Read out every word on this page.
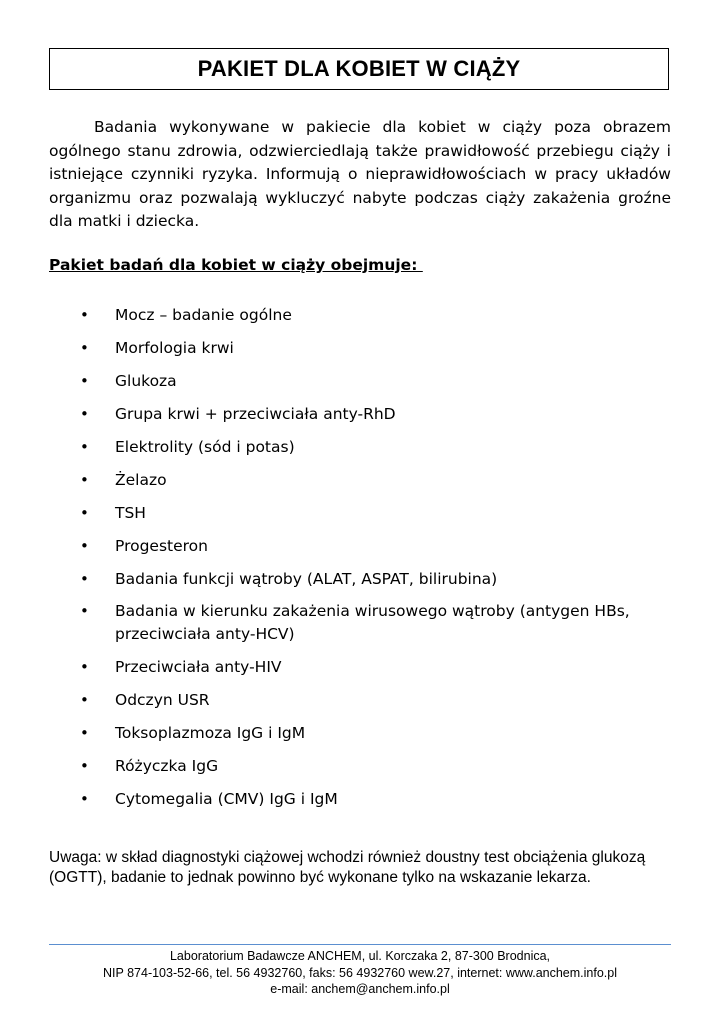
PAKIET DLA KOBIET W CIĄŻY

Badania wykonywane w pakiecie dla kobiet w ciąży poza obrazem ogólnego stanu zdrowia, odzwierciedlają także prawidłowość przebiegu ciąży i istniejące czynniki ryzyka. Informują o nieprawidłowościach w pracy układów organizmu oraz pozwalają wykluczyć nabyte podczas ciąży zakażenia groźne dla matki i dziecka.

Pakiet badań dla kobiet w ciąży obejmuje:
• Mocz – badanie ogólne
• Morfologia krwi
• Glukoza
• Grupa krwi + przeciwciała anty-RhD
• Elektrolity (sód i potas)
• Żelazo
• TSH
• Progesteron
• Badania funkcji wątroby (ALAT, ASPAT, bilirubina)
• Badania w kierunku zakażenia wirusowego wątroby (antygen HBs, przeciwciała anty-HCV)
• Przeciwciała anty-HIV
• Odczyn USR
• Toksoplazmoza IgG i IgM
• Różyczka IgG
• Cytomegalia (CMV) IgG i IgM

Uwaga: w skład diagnostyki ciążowej wchodzi również doustny test obciążenia glukozą (OGTT), badanie to jednak powinno być wykonane tylko na wskazanie lekarza.

Laboratorium Badawcze ANCHEM, ul. Korczaka 2, 87-300 Brodnica,
NIP 874-103-52-66, tel. 56 4932760, faks: 56 4932760 wew.27, internet: www.anchem.info.pl
e-mail: anchem@anchem.info.pl
